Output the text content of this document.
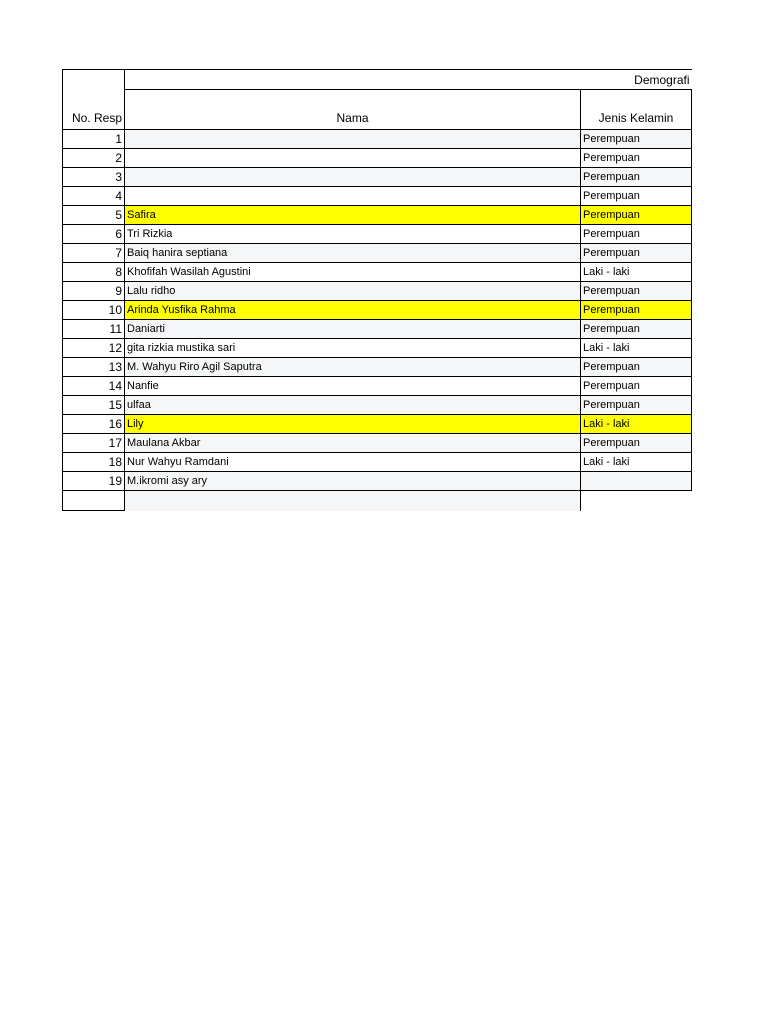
No. Resp	Demografi	
	Nama	Jenis Kelamin
1		Perempuan
2		Perempuan
3		Perempuan
4		Perempuan
5	Safira	Perempuan
6	Tri Rizkia	Perempuan
7	Baiq hanira septiana	Perempuan
8	Khofifah Wasilah Agustini	Laki - laki
9	Lalu ridho	Perempuan
10	Arinda Yusfika Rahma	Perempuan
11	Daniarti	Perempuan
12	gita rizkia mustika sari	Laki - laki
13	M. Wahyu Riro Agil Saputra	Perempuan
14	Nanfie	Perempuan
15	ulfaa	Perempuan
16	Lily	Laki - laki
17	Maulana Akbar	Perempuan
18	Nur Wahyu Ramdani	Laki - laki
19	M.ikromi asy ary	
